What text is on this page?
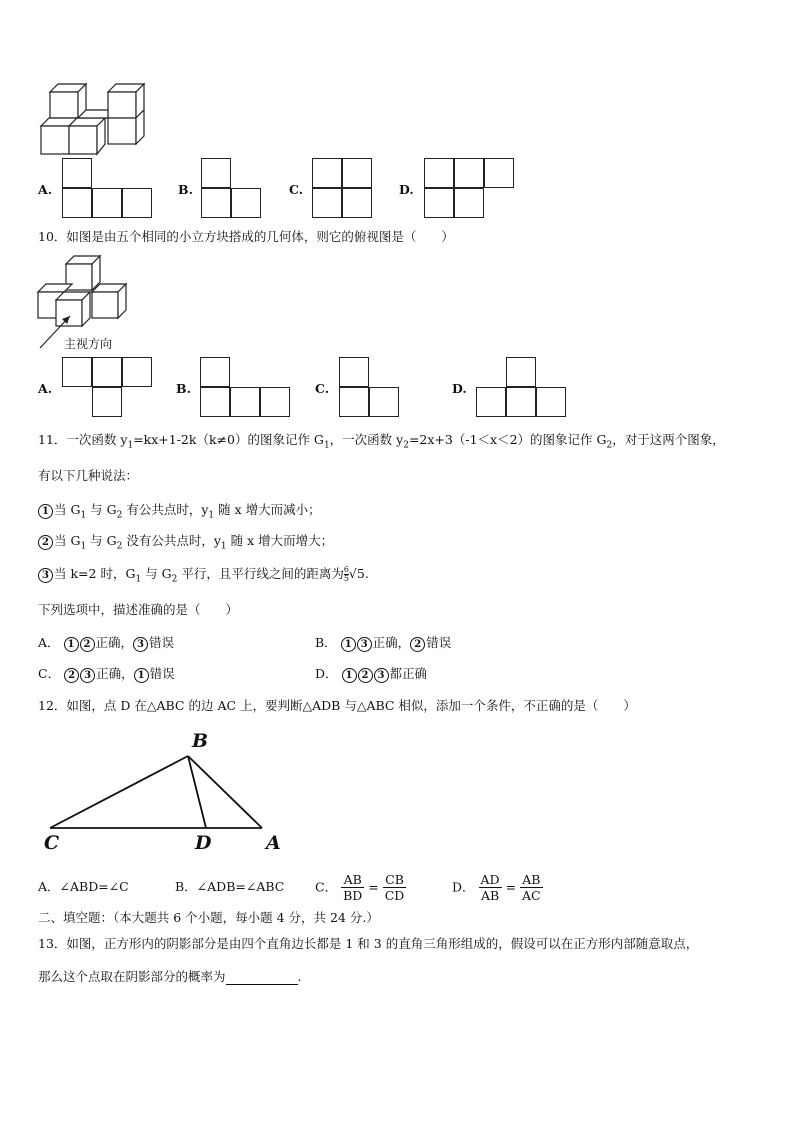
A.	B.	C.	D.
10．如图是由五个相同的小立方块搭成的几何体，则它的俯视图是（　　）
主视方向
A.	B.	C.	D.
11．一次函数 $y_1=kx+1-2k(k\ne 0)$的图象记作 $G_1$，一次函数 $y_2=2x+3(-1<x<2)$的图象记作 $G_2$，对于这两个图象，
有以下几种说法：
1 当 $G_1$ 与 $G_2$ 有公共点时，$y_1$ 随 x 增大而减小；
2 当 $G_1$ 与 $G_2$ 没有公共点时，$y_1$ 随 x 增大而增大；
3 当 k=2 时，$G_1$ 与 $G_2$ 平行，且平行线之间的距离为 $\frac{6}{5} √5$.
下列选项中，描述准确的是（　　）
A． 1 2 正确， 3 错误	B． 1 3 正确， 2 错误
C． 2 3 正确， 1 错误	D． 1 2 3 都正确
12．如图，点 D 在△ABC 的边 AC 上，要判断△ADB 与△ABC 相似，添加一个条件，不正确的是（　　）
B
C	D	A
A．∠ABD=∠C	B．∠ADB=∠ABC C． $\frac{AB}{BD} = \frac{CB}{CD}$	D． $\frac{AD}{AB} = \frac{AB}{AC}$
二、填空题：（本大题共 6 个小题，每小题 4 分，共 24 分.）
13．如图，正方形内的阴影部分是由四个直角边长都是 1 和 3 的直角三角形组成的，假设可以在正方形内部随意取点，
那么这个点取在阴影部分的概率为	.
